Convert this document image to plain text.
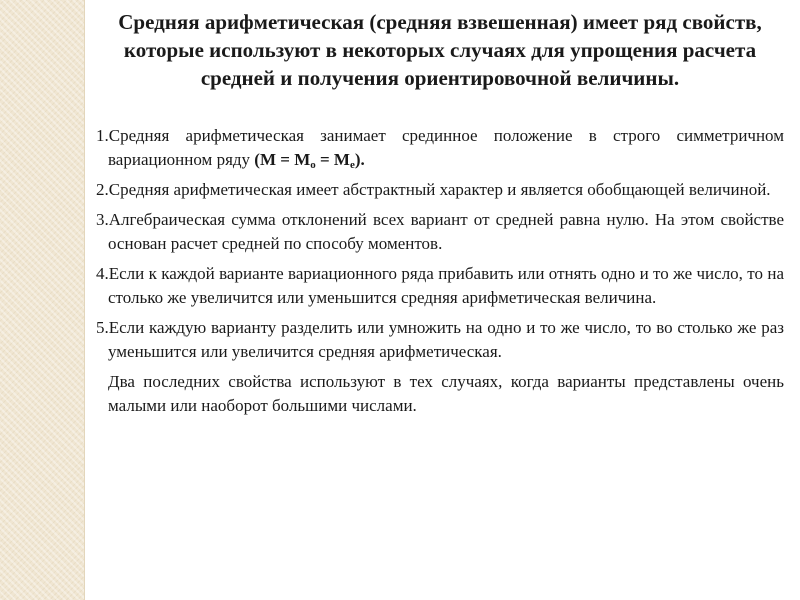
Средняя арифметическая (средняя взвешенная) имеет ряд свойств, которые используют в некоторых случаях для упрощения расчета средней и получения ориентировочной величины.
1.Средняя арифметическая занимает срединное положение в строго симметричном вариационном ряду $(М = М_о = М_е)$.
2.Средняя арифметическая имеет абстрактный характер и является обобщающей величиной.
3.Алгебраическая сумма отклонений всех вариант от средней равна нулю. На этом свойстве основан расчет средней по способу моментов.
4.Если к каждой варианте вариационного ряда прибавить или отнять одно и то же число, то на столько же увеличится или уменьшится средняя арифметическая величина.
5.Если каждую варианту разделить или умножить на одно и то же число, то во столько же раз уменьшится или увеличится средняя арифметическая.

Два последних свойства используют в тех случаях, когда варианты представлены очень малыми или наоборот большими числами.
